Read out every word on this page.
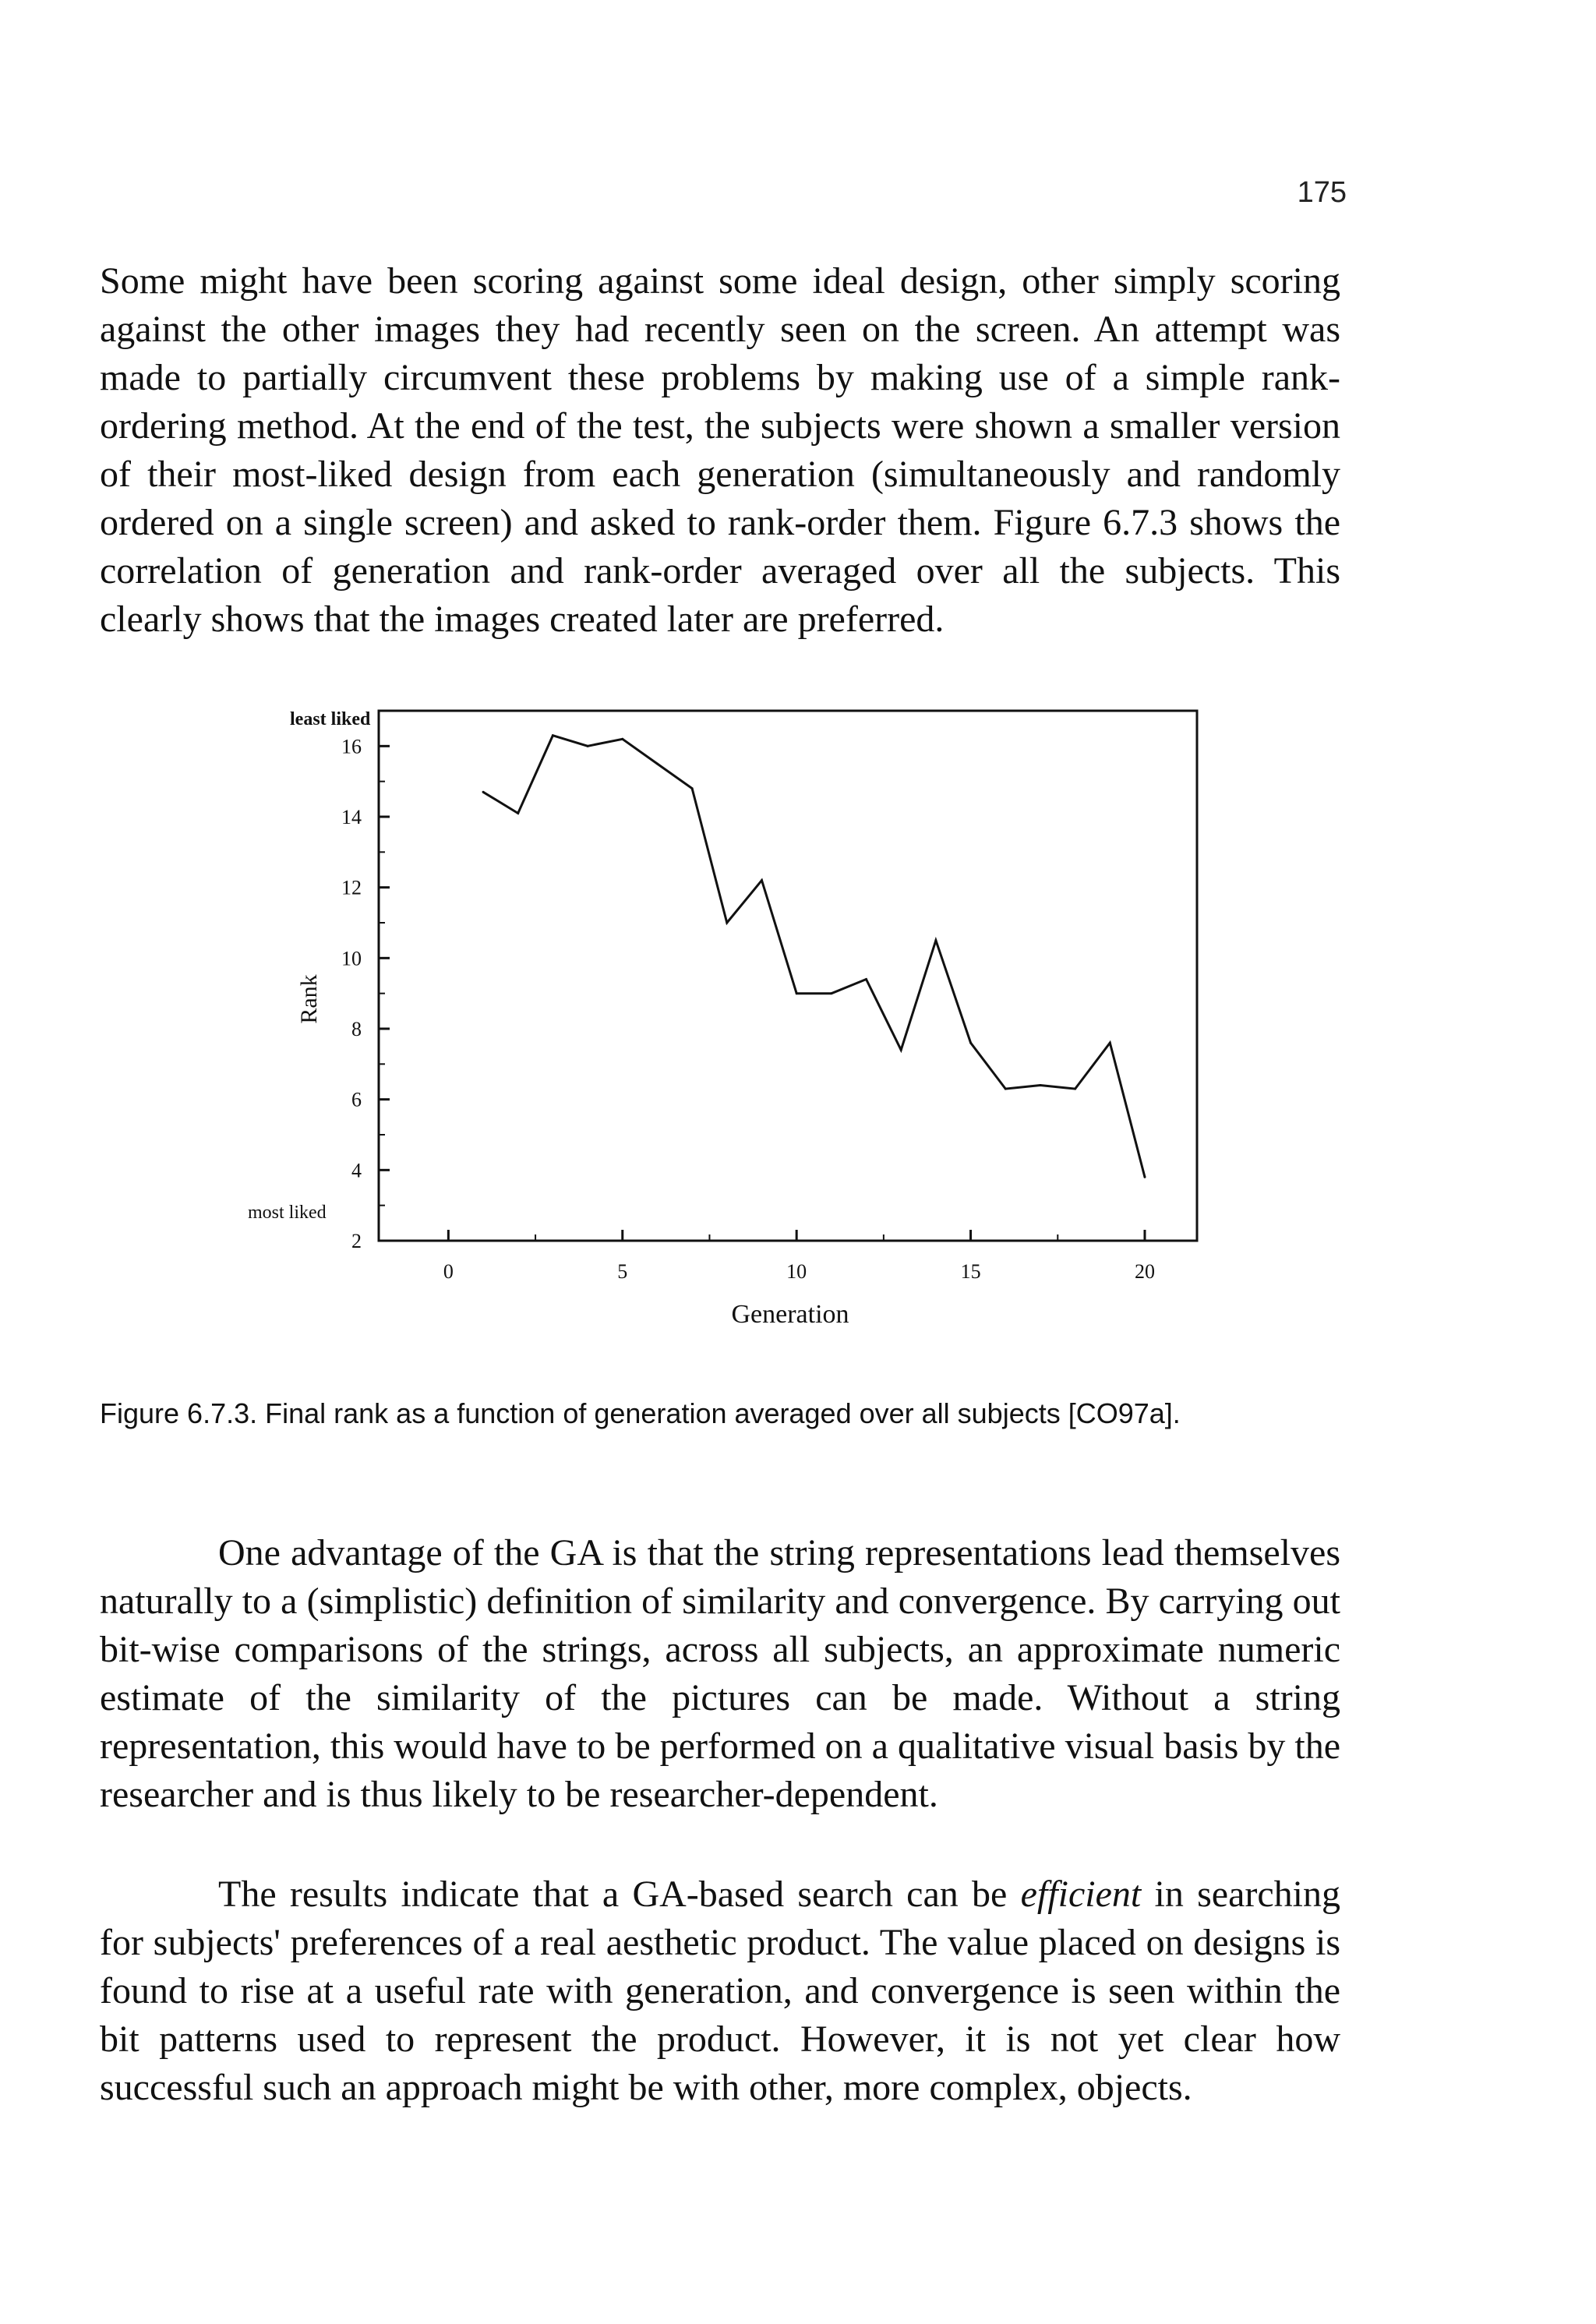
175

Some might have been scoring against some ideal design, other simply scoring against the other images they had recently seen on the screen. An attempt was made to partially circumvent these problems by making use of a simple rank-ordering method. At the end of the test, the subjects were shown a smaller version of their most-liked design from each generation (simultaneously and randomly ordered on a single screen) and asked to rank-order them. Figure 6.7.3 shows the correlation of generation and rank-order averaged over all the subjects. This clearly shows that the images created later are preferred.

2
4
6
8
10
12
14
16
0	5	10	15	20
least liked
most liked
Rank
Generation

Figure 6.7.3. Final rank as a function of generation averaged over all subjects [CO97a].

One advantage of the GA is that the string representations lead themselves naturally to a (simplistic) definition of similarity and convergence. By carrying out bit-wise comparisons of the strings, across all subjects, an approximate numeric estimate of the similarity of the pictures can be made. Without a string representation, this would have to be performed on a qualitative visual basis by the researcher and is thus likely to be researcher-dependent.

The results indicate that a GA-based search can be efficient in searching for subjects' preferences of a real aesthetic product. The value placed on designs is found to rise at a useful rate with generation, and convergence is seen within the bit patterns used to represent the product. However, it is not yet clear how successful such an approach might be with other, more complex, objects.
